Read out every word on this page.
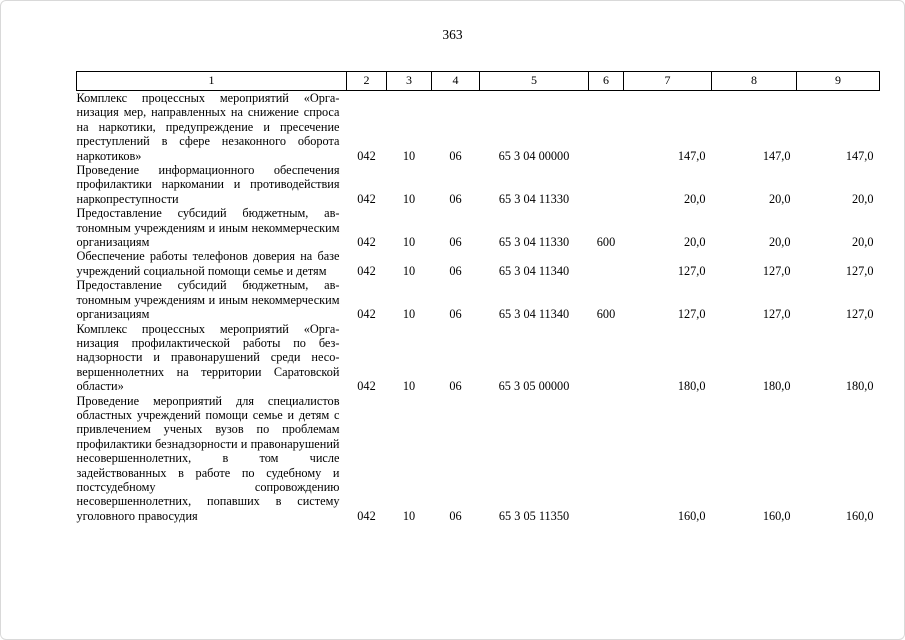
363
1	2	3	4	5	6	7	8	9
Комплекс процессных мероприятий «Организация мер, направленных на снижение спроса на наркотики, предупреждение и пресечение преступлений в сфере незаконного оборота наркотиков»	042	10	06	65 3 04 00000		147,0	147,0	147,0
Проведение информационного обеспечения профилактики наркомании и противодействия наркопреступности	042	10	06	65 3 04 11330		20,0	20,0	20,0
Предоставление субсидий бюджетным, автономным учреждениям и иным некоммерческим организациям	042	10	06	65 3 04 11330	600	20,0	20,0	20,0
Обеспечение работы телефонов доверия на базе учреждений социальной помощи семье и детям	042	10	06	65 3 04 11340		127,0	127,0	127,0
Предоставление субсидий бюджетным, автономным учреждениям и иным некоммерческим организациям	042	10	06	65 3 04 11340	600	127,0	127,0	127,0
Комплекс процессных мероприятий «Организация профилактической работы по безнадзорности и правонарушений среди несовершеннолетних на территории Саратовской области»	042	10	06	65 3 05 00000		180,0	180,0	180,0
Проведение мероприятий для специалистов областных учреждений помощи семье и детям с привлечением ученых вузов по проблемам профилактики безнадзорности и правонарушений несовершеннолетних, в том числе задействованных в работе по судебному и постсудебному сопровождению несовершеннолетних, попавших в систему уголовного правосудия	042	10	06	65 3 05 11350		160,0	160,0	160,0
